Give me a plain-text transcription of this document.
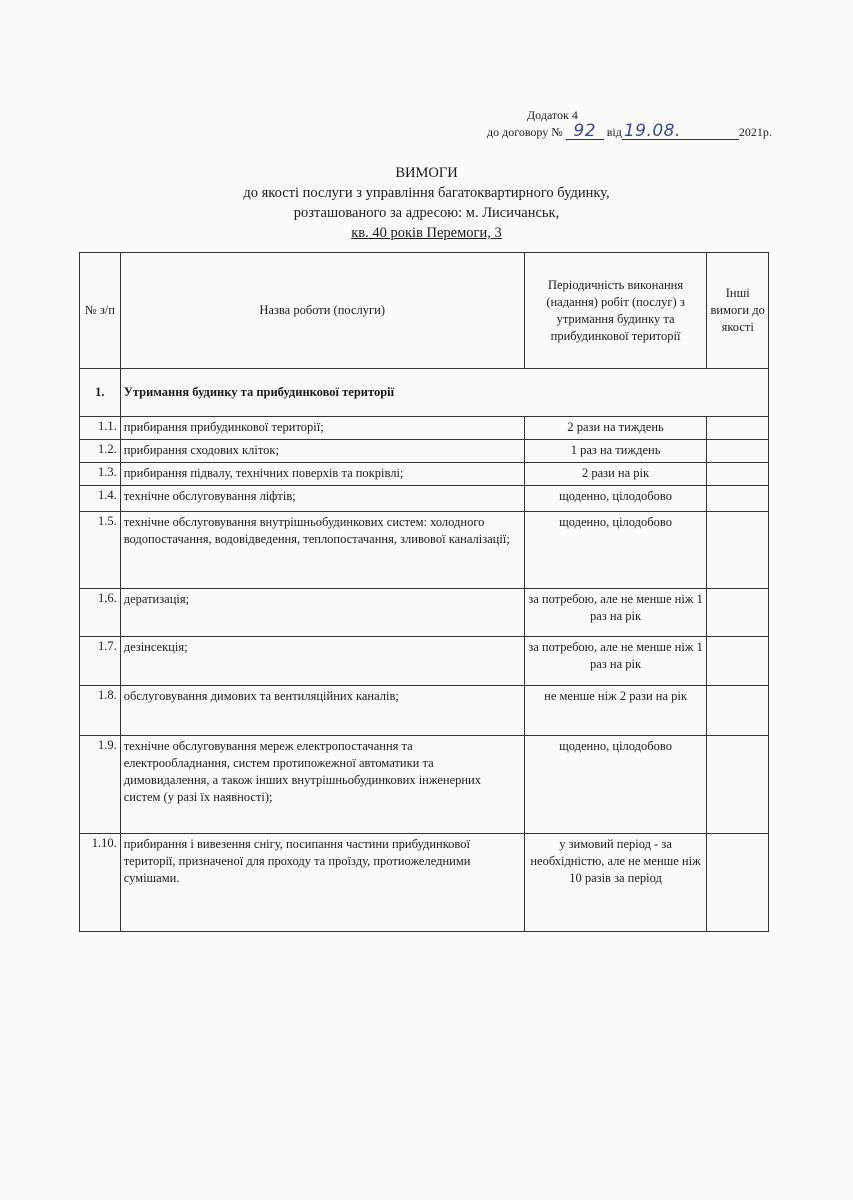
Додаток 4
до договору № 92 від 19.08.	2021р.
ВИМОГИ
до якості послуги з управління багатоквартирного будинку,
розташованого за адресою: м. Лисичанськ,
кв. 40 років Перемоги, 3
№ з/п	Назва роботи (послуги)	Періодичність виконання (надання) робіт (послуг) з утримання будинку та прибудинкової території	Інші вимоги до якості
1.	Утримання будинку та прибудинкової території		
1.1.	прибирання прибудинкової території;	2 рази на тиждень	
1.2.	прибирання сходових кліток;	1 раз на тиждень	
1.3.	прибирання підвалу, технічних поверхів та покрівлі;	2 рази на рік	
1.4.	технічне обслуговування ліфтів;	щоденно, цілодобово	
1.5.	технічне обслуговування внутрішньобудинкових систем: холодного водопостачання, водовідведення, теплопостачання, зливової каналізації;	щоденно, цілодобово	
1,6.	дератизація;	за потребою, але не менше ніж 1 раз на рік	
1.7.	дезінсекція;	за потребою, але не менше ніж 1 раз на рік	
1.8.	обслуговування димових та вентиляційних каналів;	не менше ніж 2 рази на рік	
1.9.	технічне обслуговування мереж електропостачання та електрообладнання, систем протипожежної автоматики та димовидалення, а також інших внутрішньобудинкових інженерних систем (у разі їх наявності);	щоденно, цілодобово	
1.10.	прибирання і вивезення снігу, посипання частини прибудинкової території, призначеної для проходу та проїзду, протиожеледними сумішами.	у зимовий період - за необхідністю, але не менше ніж 10 разів за період	
